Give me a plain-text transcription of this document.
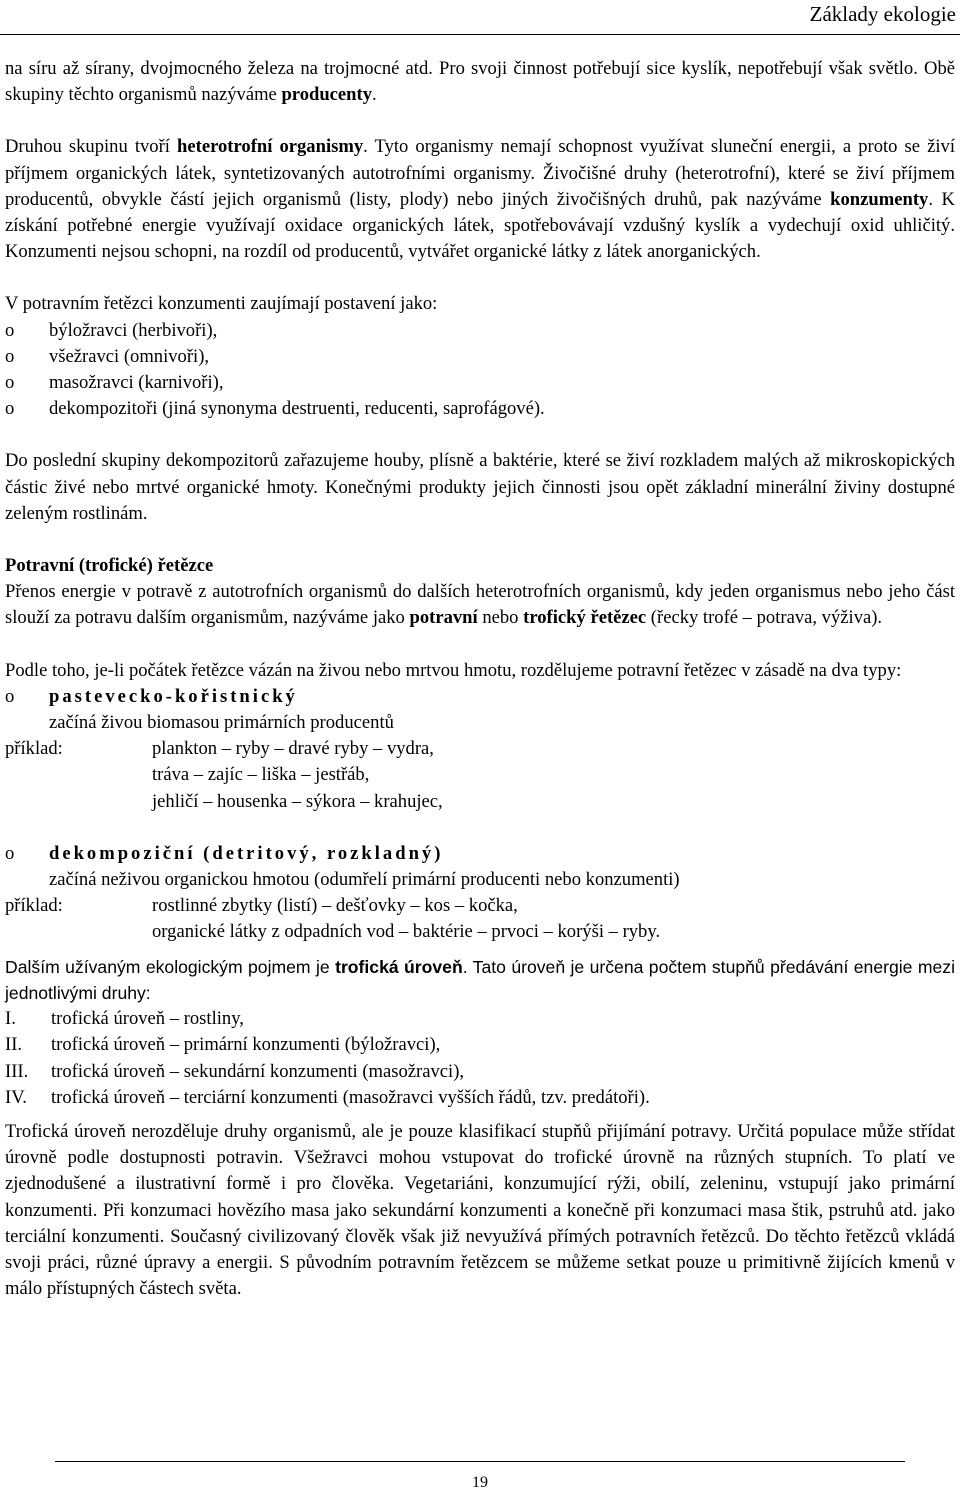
Základy ekologie

na síru až sírany, dvojmocného železa na trojmocné atd. Pro svoji činnost potřebují sice kyslík, nepotřebují však světlo. Obě skupiny těchto organismů nazýváme producenty.

Druhou skupinu tvoří heterotrofní organismy. Tyto organismy nemají schopnost využívat sluneční energii, a proto se živí příjmem organických látek, syntetizovaných autotrofními organismy. Živočišné druhy (heterotrofní), které se živí příjmem producentů, obvykle částí jejich organismů (listy, plody) nebo jiných živočišných druhů, pak nazýváme konzumenty. K získání potřebné energie využívají oxidace organických látek, spotřebovávají vzdušný kyslík a vydechují oxid uhličitý. Konzumenti nejsou schopni, na rozdíl od producentů, vytvářet organické látky z látek anorganických.

V potravním řetězci konzumenti zaujímají postavení jako:

o	býložravci (herbivoři),
o	všežravci (omnivoři),
o	masožravci (karnivoři),
o	dekompozitoři (jiná synonyma destruenti, reducenti, saprofágové).

Do poslední skupiny dekompozitorů zařazujeme houby, plísně a baktérie, které se živí rozkladem malých až mikroskopických částic živé nebo mrtvé organické hmoty. Konečnými produkty jejich činnosti jsou opět základní minerální živiny dostupné zeleným rostlinám.

Potravní (trofické) řetězce

Přenos energie v potravě z autotrofních organismů do dalších heterotrofních organismů, kdy jeden organismus nebo jeho část slouží za potravu dalším organismům, nazýváme jako potravní nebo trofický řetězec (řecky trofé – potrava, výživa).

Podle toho, je-li počátek řetězce vázán na živou nebo mrtvou hmotu, rozdělujeme potravní řetězec v zásadě na dva typy:

o	pastevecko-kořistnický
začíná živou biomasou primárních producentů
příklad:	plankton – ryby – dravé ryby – vydra,
tráva – zajíc – liška – jestřáb,
jehličí – housenka – sýkora – krahujec,
o	dekompoziční (detritový, rozkladný)
začíná neživou organickou hmotou (odumřelí primární producenti nebo konzumenti)
příklad:	rostlinné zbytky (listí) – dešťovky – kos – kočka,
organické látky z odpadních vod – baktérie – prvoci – korýši – ryby.

Dalším užívaným ekologickým pojmem je trofická úroveň. Tato úroveň je určena počtem stupňů předávání energie mezi jednotlivými druhy:

I.	trofická úroveň – rostliny,
II.	trofická úroveň – primární konzumenti (býložravci),
III.	trofická úroveň – sekundární konzumenti (masožravci),
IV.	trofická úroveň – terciární konzumenti (masožravci vyšších řádů, tzv. predátoři).

Trofická úroveň nerozděluje druhy organismů, ale je pouze klasifikací stupňů přijímání potravy. Určitá populace může střídat úrovně podle dostupnosti potravin. Všežravci mohou vstupovat do trofické úrovně na různých stupních. To platí ve zjednodušené a ilustrativní formě i pro člověka. Vegetariáni, konzumující rýži, obilí, zeleninu, vstupují jako primární konzumenti. Při konzumaci hovězího masa jako sekundární konzumenti a konečně při konzumaci masa štik, pstruhů atd. jako terciální konzumenti. Současný civilizovaný člověk však již nevyužívá přímých potravních řetězců. Do těchto řetězců vkládá svoji práci, různé úpravy a energii. S původním potravním řetězcem se můžeme setkat pouze u primitivně žijících kmenů v málo přístupných částech světa.

19
